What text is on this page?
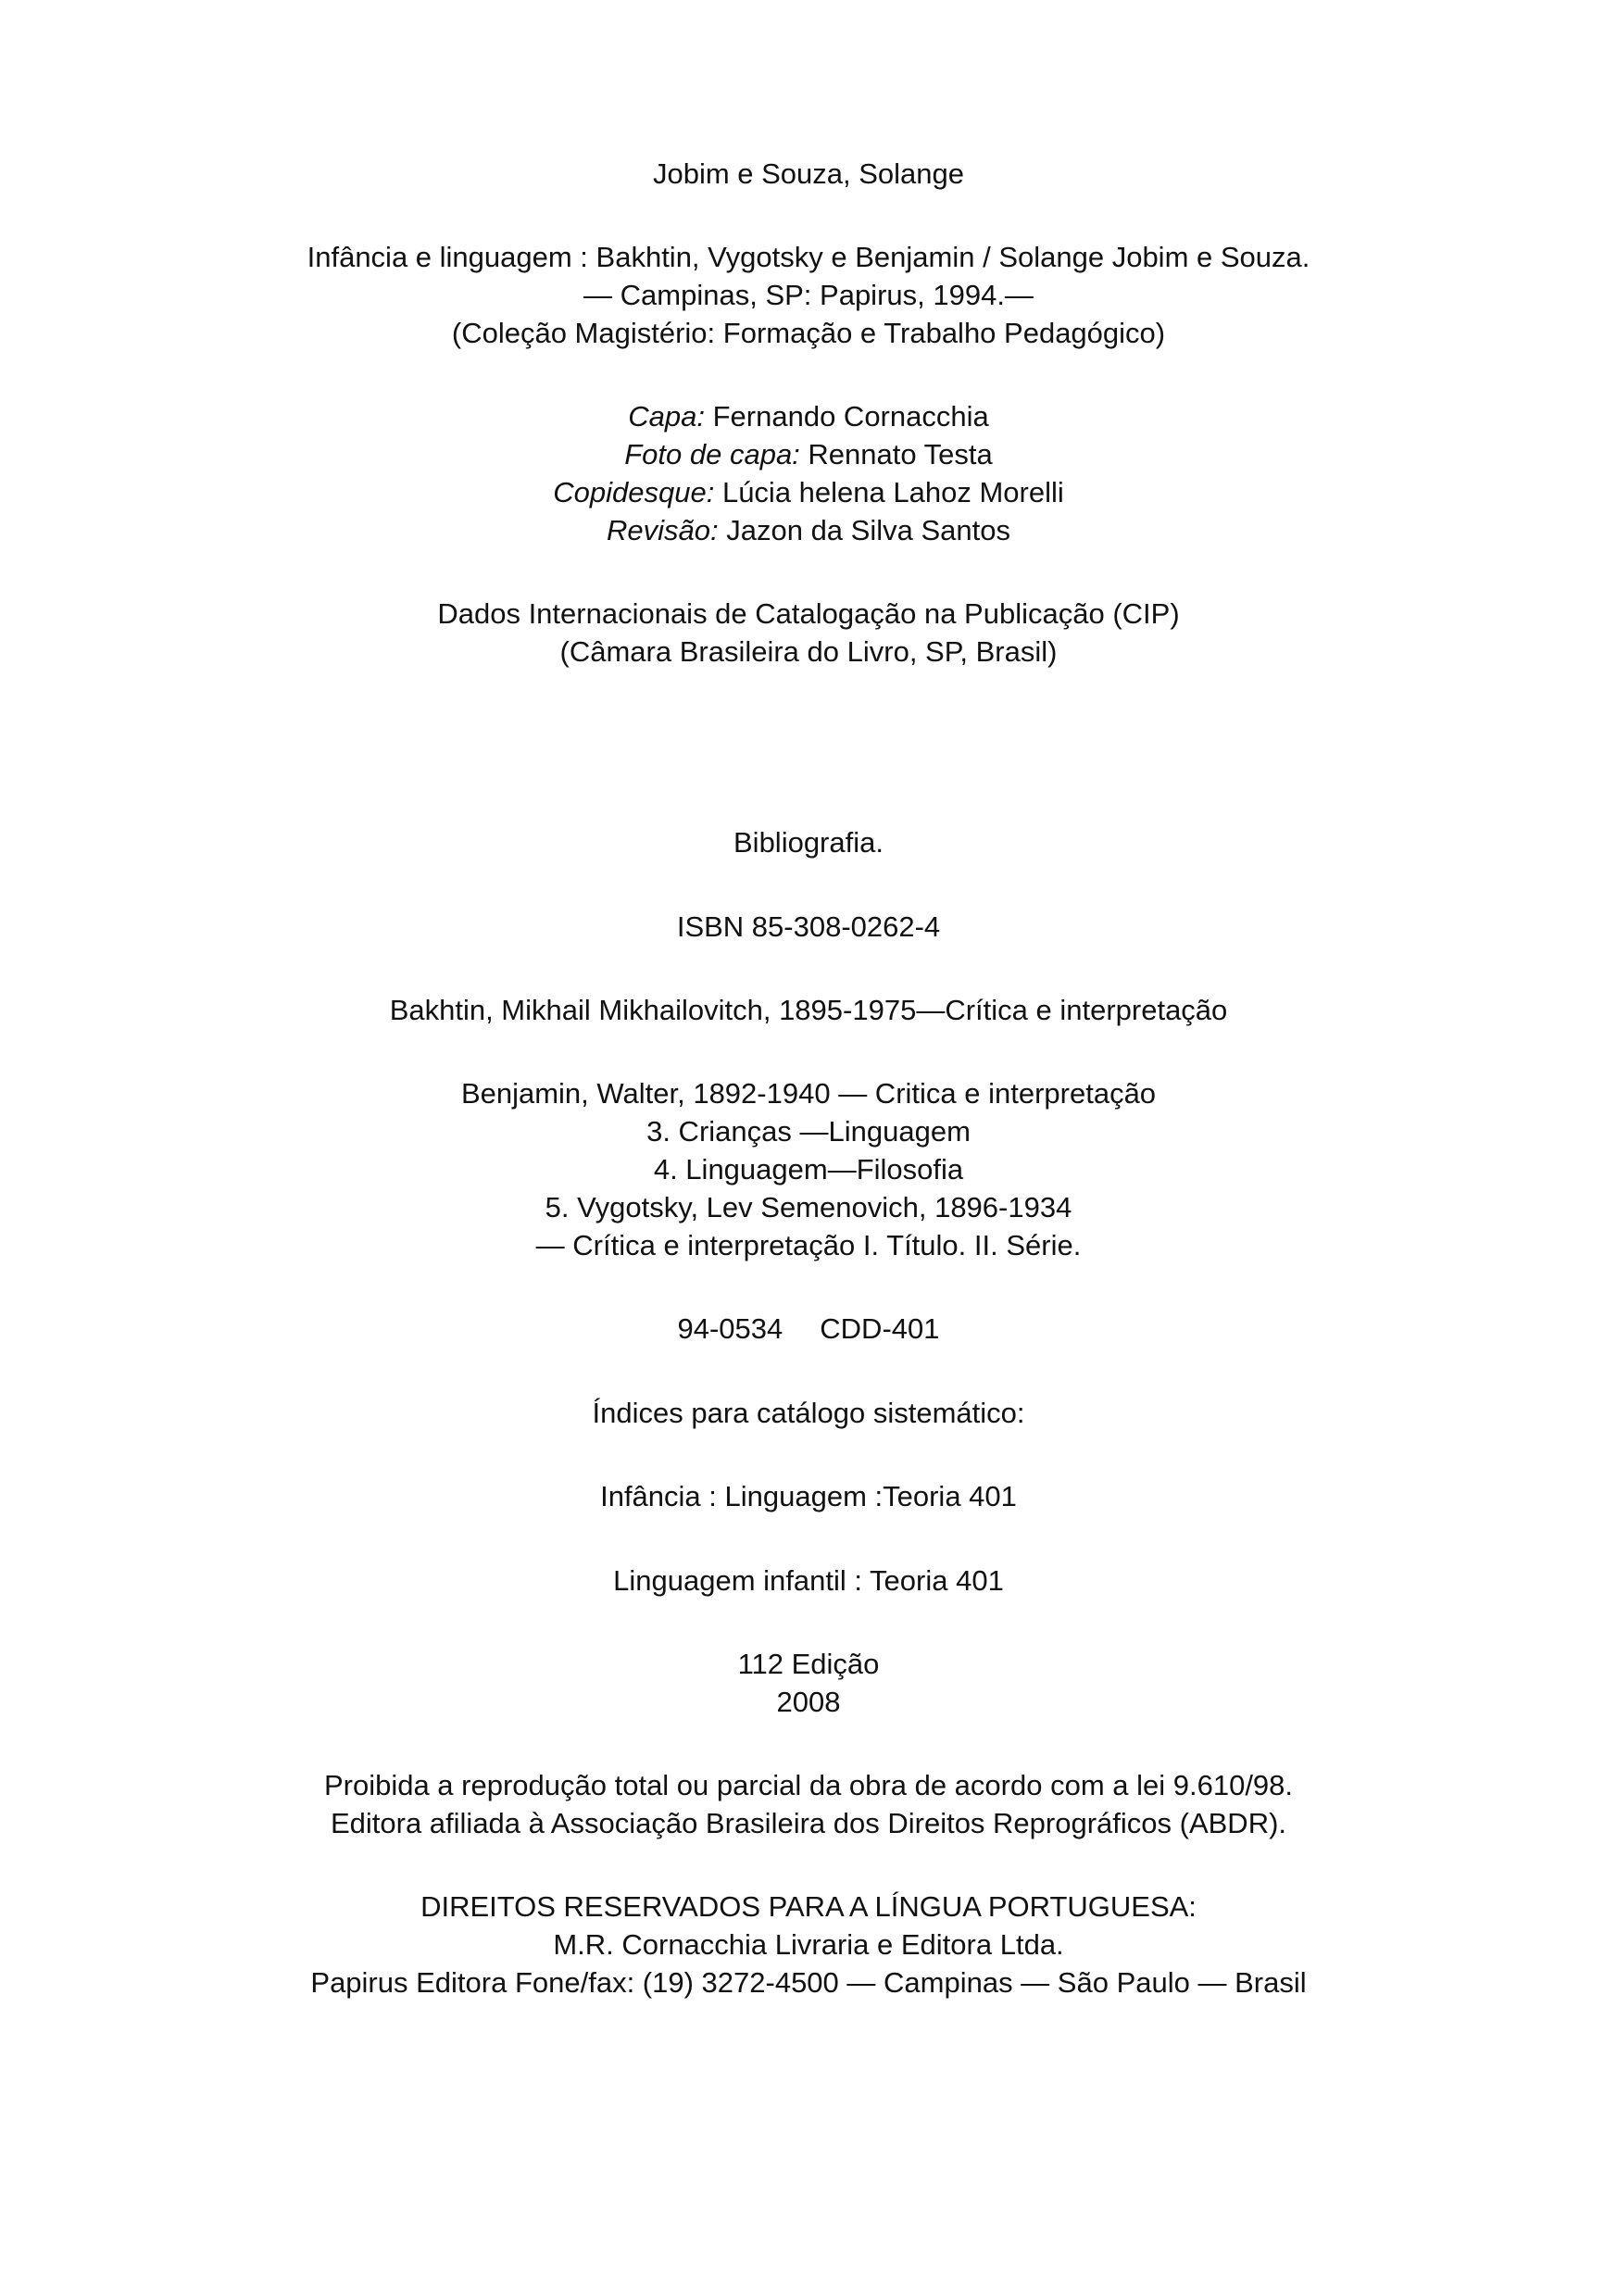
Jobim e Souza, Solange
Infância e linguagem : Bakhtin, Vygotsky e Benjamin / Solange Jobim e Souza.
— Campinas, SP: Papirus, 1994.—
(Coleção Magistério: Formação e Trabalho Pedagógico)
Capa: Fernando Cornacchia
Foto de capa: Rennato Testa
Copidesque: Lúcia helena Lahoz Morelli
Revisão: Jazon da Silva Santos
Dados Internacionais de Catalogação na Publicação (CIP)
(Câmara Brasileira do Livro, SP, Brasil)
Bibliografia.
ISBN 85-308-0262-4
Bakhtin, Mikhail Mikhailovitch, 1895-1975—Crítica e interpretação
Benjamin, Walter, 1892-1940 — Critica e interpretação
3. Crianças —Linguagem
4. Linguagem—Filosofia
5. Vygotsky, Lev Semenovich, 1896-1934
— Crítica e interpretação I. Título. II. Série.
94-0534 CDD-401
Índices para catálogo sistemático:
Infância : Linguagem :Teoria 401
Linguagem infantil : Teoria 401
112 Edição
2008
Proibida a reprodução total ou parcial da obra de acordo com a lei 9.610/98.
Editora afiliada à Associação Brasileira dos Direitos Reprográficos (ABDR).
DIREITOS RESERVADOS PARA A LÍNGUA PORTUGUESA:
M.R. Cornacchia Livraria e Editora Ltda.
Papirus Editora Fone/fax: (19) 3272-4500 — Campinas — São Paulo — Brasil
